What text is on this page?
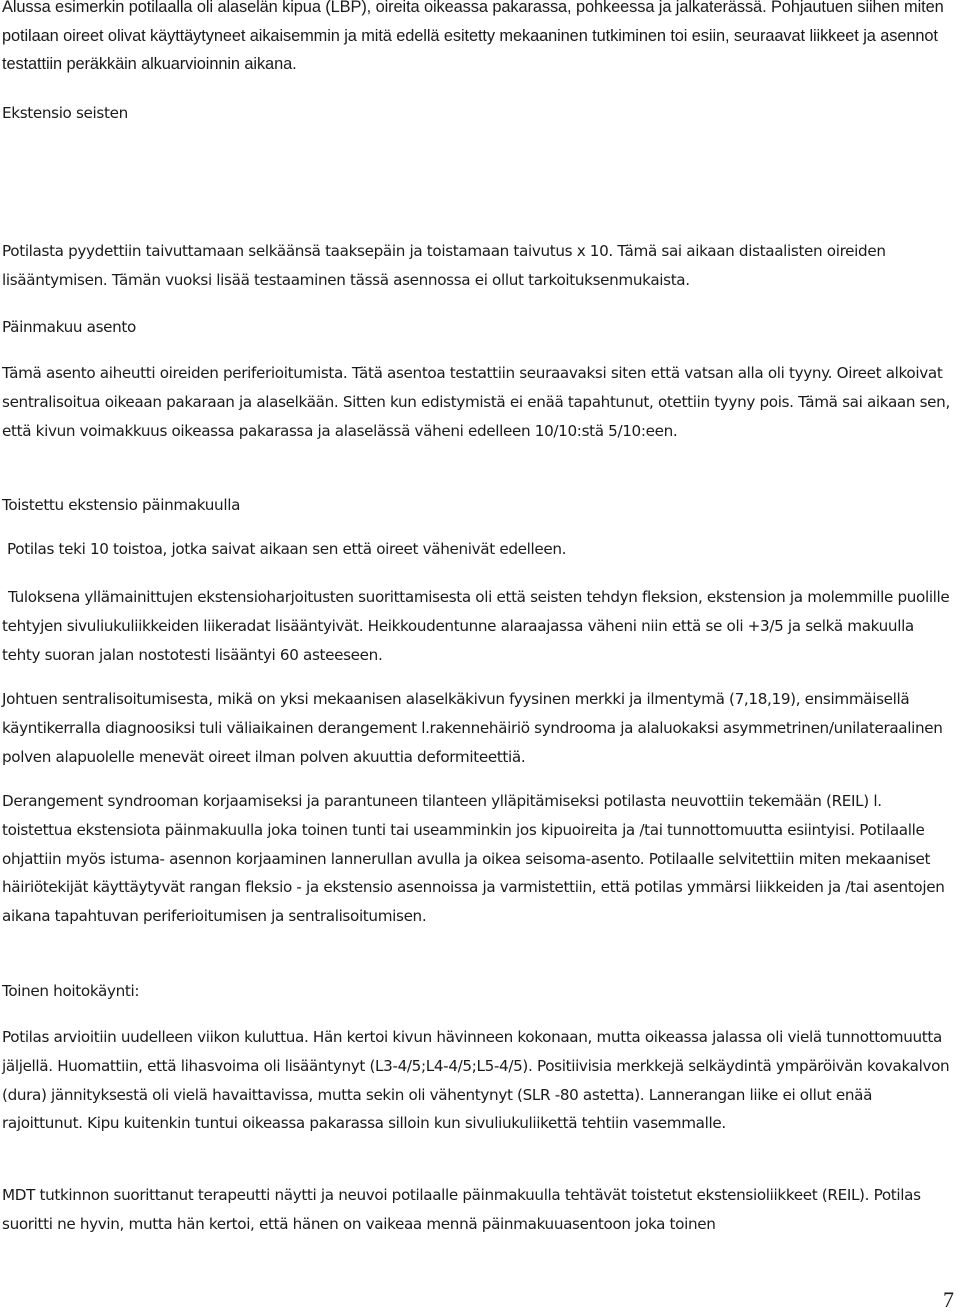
Alussa esimerkin potilaalla oli alaselän kipua (LBP), oireita oikeassa pakarassa, pohkeessa ja jalkaterässä. Pohjautuen siihen miten potilaan oireet olivat käyttäytyneet aikaisemmin ja mitä edellä esitetty mekaaninen tutkiminen toi esiin, seuraavat liikkeet ja asennot testattiin peräkkäin alkuarvioinnin aikana.

Ekstensio seisten

Potilasta pyydettiin taivuttamaan selkäänsä taaksepäin ja toistamaan taivutus x 10. Tämä sai aikaan distaalisten oireiden lisääntymisen. Tämän vuoksi lisää testaaminen tässä asennossa ei ollut tarkoituksenmukaista.

Päinmakuu asento

Tämä asento aiheutti oireiden periferioitumista. Tätä asentoa testattiin seuraavaksi siten että vatsan alla oli tyyny. Oireet alkoivat sentralisoitua oikeaan pakaraan ja alaselkään. Sitten kun edistymistä ei enää tapahtunut, otettiin tyyny pois. Tämä sai aikaan sen, että kivun voimakkuus oikeassa pakarassa ja alaselässä väheni edelleen 10/10:stä 5/10:een.

Toistettu ekstensio päinmakuulla

Potilas teki 10 toistoa, jotka saivat aikaan sen että oireet vähenivät edelleen.

Tuloksena yllämainittujen ekstensioharjoitusten suorittamisesta oli että seisten tehdyn fleksion, ekstension ja molemmille puolille tehtyjen sivuliukuliikkeiden liikeradat lisääntyivät. Heikkoudentunne alaraajassa väheni niin että se oli +3/5 ja selkä makuulla tehty suoran jalan nostotesti lisääntyi 60 asteeseen.

Johtuen sentralisoitumisesta, mikä on yksi mekaanisen alaselkäkivun fyysinen merkki ja ilmentymä (7,18,19), ensimmäisellä käyntikerralla diagnoosiksi tuli väliaikainen derangement l.rakennehäiriö syndrooma ja alaluokaksi asymmetrinen/unilateraalinen polven alapuolelle menevät oireet ilman polven akuuttia deformiteettiä.

Derangement syndrooman korjaamiseksi ja parantuneen tilanteen ylläpitämiseksi potilasta neuvottiin tekemään (REIL) l. toistettua ekstensiota päinmakuulla joka toinen tunti tai useamminkin jos kipuoireita ja /tai tunnottomuutta esiintyisi. Potilaalle ohjattiin myös istuma- asennon korjaaminen lannerullan avulla ja oikea seisoma-asento. Potilaalle selvitettiin miten mekaaniset häiriötekijät käyttäytyvät rangan fleksio - ja ekstensio asennoissa ja varmistettiin, että potilas ymmärsi liikkeiden ja /tai asentojen aikana tapahtuvan periferioitumisen ja sentralisoitumisen.

Toinen hoitokäynti:

Potilas arvioitiin uudelleen viikon kuluttua. Hän kertoi kivun hävinneen kokonaan, mutta oikeassa jalassa oli vielä tunnottomuutta jäljellä. Huomattiin, että lihasvoima oli lisääntynyt (L3-4/5;L4-4/5;L5-4/5). Positiivisia merkkejä selkäydintä ympäröivän kovakalvon (dura) jännityksestä oli vielä havaittavissa, mutta sekin oli vähentynyt (SLR -80 astetta). Lannerangan liike ei ollut enää rajoittunut. Kipu kuitenkin tuntui oikeassa pakarassa silloin kun sivuliukuliikettä tehtiin vasemmalle.

MDT tutkinnon suorittanut terapeutti näytti ja neuvoi potilaalle päinmakuulla tehtävät toistetut ekstensioliikkeet (REIL). Potilas suoritti ne hyvin, mutta hän kertoi, että hänen on vaikeaa mennä päinmakuuasentoon joka toinen

7
